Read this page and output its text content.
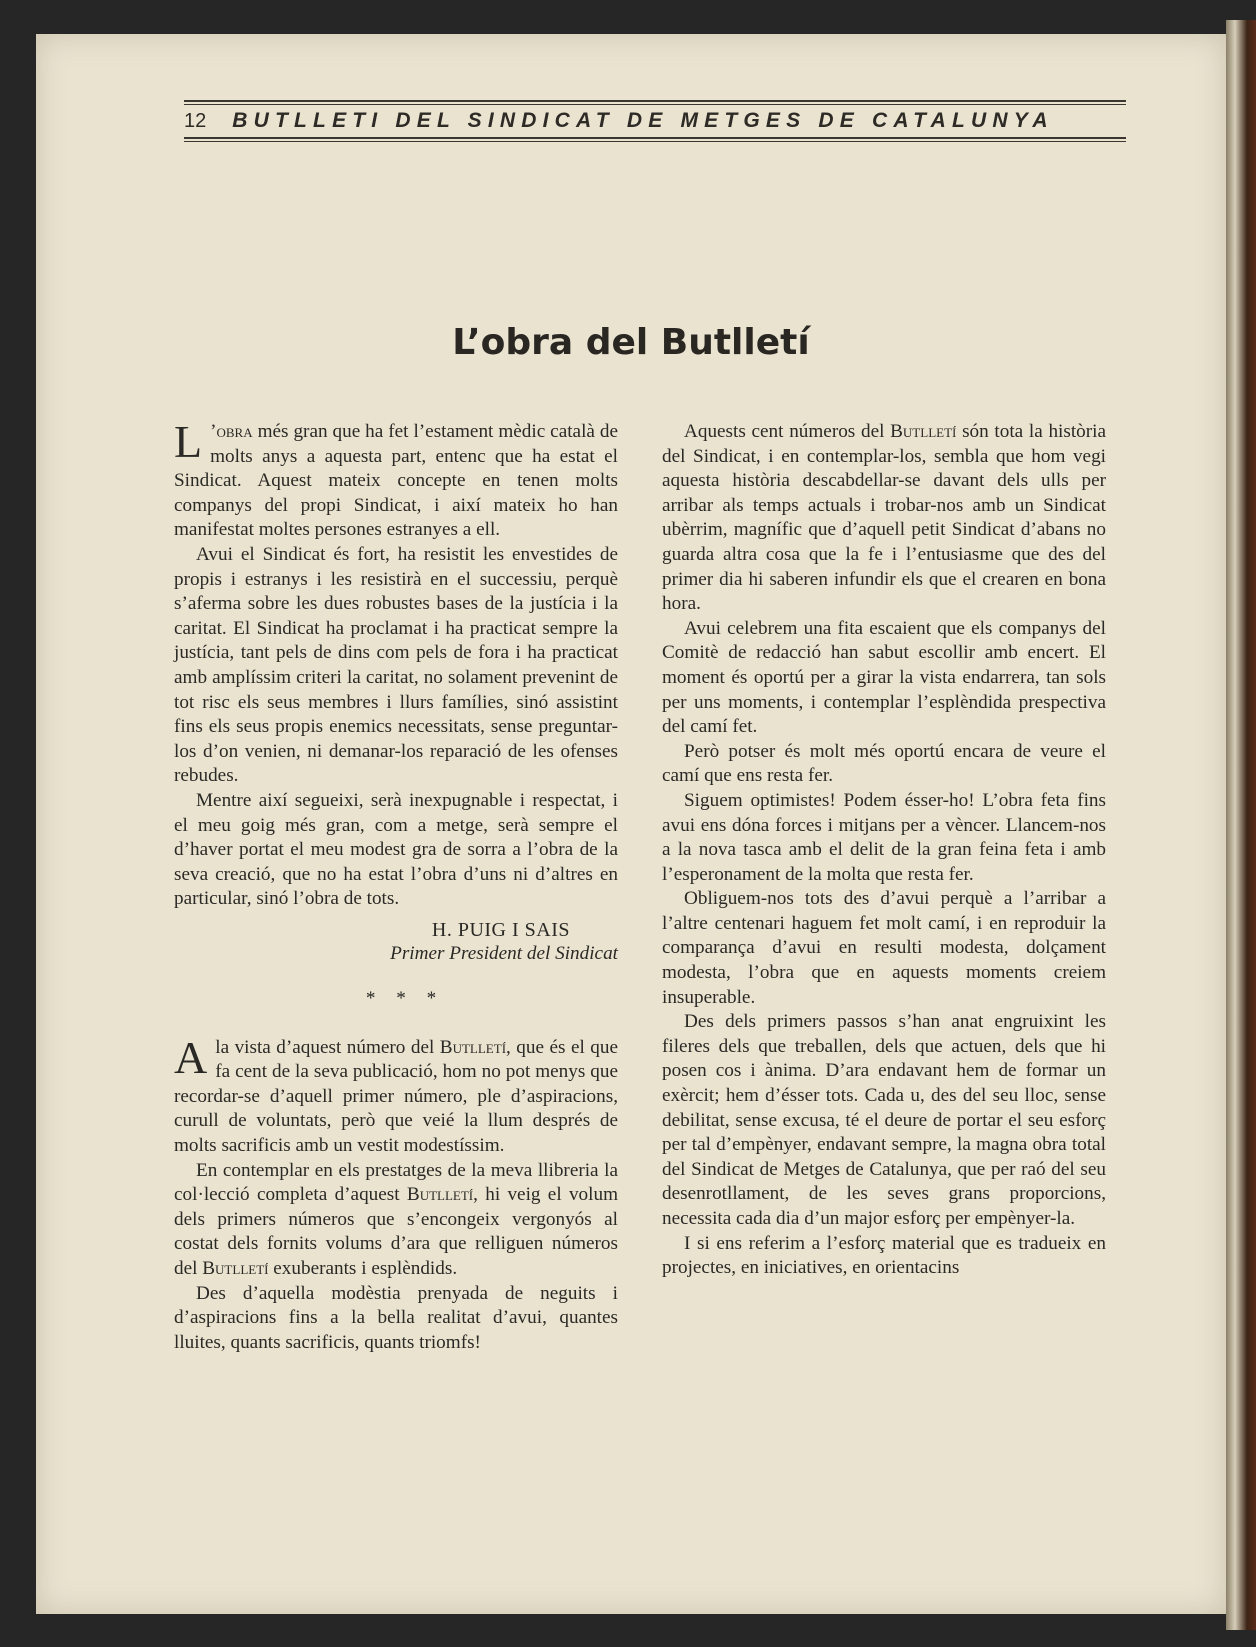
12 BUTLLETI DEL SINDICAT DE METGES DE CATALUNYA
L’obra del Butlletí

L ’obra més gran que ha fet l’estament mèdic català de molts anys a aquesta part, entenc que ha estat el Sindicat. Aquest mateix concepte en tenen molts companys del propi Sindicat, i així mateix ho han manifestat moltes persones estranyes a ell.

Avui el Sindicat és fort, ha resistit les envestides de propis i estranys i les resistirà en el successiu, perquè s’aferma sobre les dues robustes bases de la justícia i la caritat. El Sindicat ha proclamat i ha practicat sempre la justícia, tant pels de dins com pels de fora i ha practicat amb amplíssim criteri la caritat, no solament prevenint de tot risc els seus membres i llurs famílies, sinó assistint fins els seus propis enemics necessitats, sense preguntar-los d’on venien, ni demanar-los reparació de les ofenses rebudes.

Mentre així segueixi, serà inexpugnable i respectat, i el meu goig més gran, com a metge, serà sempre el d’haver portat el meu modest gra de sorra a l’obra de la seva creació, que no ha estat l’obra d’uns ni d’altres en particular, sinó l’obra de tots.

H. PUIG I SAIS
Primer President del Sindicat
* * *

A la vista d’aquest número del Butlletí, que és el que fa cent de la seva publicació, hom no pot menys que recordar-se d’aquell primer número, ple d’aspiracions, curull de voluntats, però que veié la llum després de molts sacrificis amb un vestit modestíssim.

En contemplar en els prestatges de la meva llibreria la col·lecció completa d’aquest Butlletí, hi veig el volum dels primers números que s’encongeix vergonyós al costat dels fornits volums d’ara que relliguen números del Butlletí exuberants i esplèndids.

Des d’aquella modèstia prenyada de neguits i d’aspiracions fins a la bella realitat d’avui, quantes lluites, quants sacrificis, quants triomfs!

Aquests cent números del Butlletí són tota la història del Sindicat, i en contemplar-los, sembla que hom vegi aquesta història descabdellar-se davant dels ulls per arribar als temps actuals i trobar-nos amb un Sindicat ubèrrim, magnífic que d’aquell petit Sindicat d’abans no guarda altra cosa que la fe i l’entusiasme que des del primer dia hi saberen infundir els que el crearen en bona hora.

Avui celebrem una fita escaient que els companys del Comitè de redacció han sabut escollir amb encert. El moment és oportú per a girar la vista endarrera, tan sols per uns moments, i contemplar l’esplèndida prespectiva del camí fet.

Però potser és molt més oportú encara de veure el camí que ens resta fer.

Siguem optimistes! Podem ésser-ho! L’obra feta fins avui ens dóna forces i mitjans per a vèncer. Llancem-nos a la nova tasca amb el delit de la gran feina feta i amb l’esperonament de la molta que resta fer.

Obliguem-nos tots des d’avui perquè a l’arribar a l’altre centenari haguem fet molt camí, i en reproduir la comparança d’avui en resulti modesta, dolçament modesta, l’obra que en aquests moments creiem insuperable.

Des dels primers passos s’han anat engruixint les fileres dels que treballen, dels que actuen, dels que hi posen cos i ànima. D’ara endavant hem de formar un exèrcit; hem d’ésser tots. Cada u, des del seu lloc, sense debilitat, sense excusa, té el deure de portar el seu esforç per tal d’empènyer, endavant sempre, la magna obra total del Sindicat de Metges de Catalunya, que per raó del seu desenrotllament, de les seves grans proporcions, necessita cada dia d’un major esforç per empènyer-la.

I si ens referim a l’esforç material que es tradueix en projectes, en iniciatives, en orientacins
